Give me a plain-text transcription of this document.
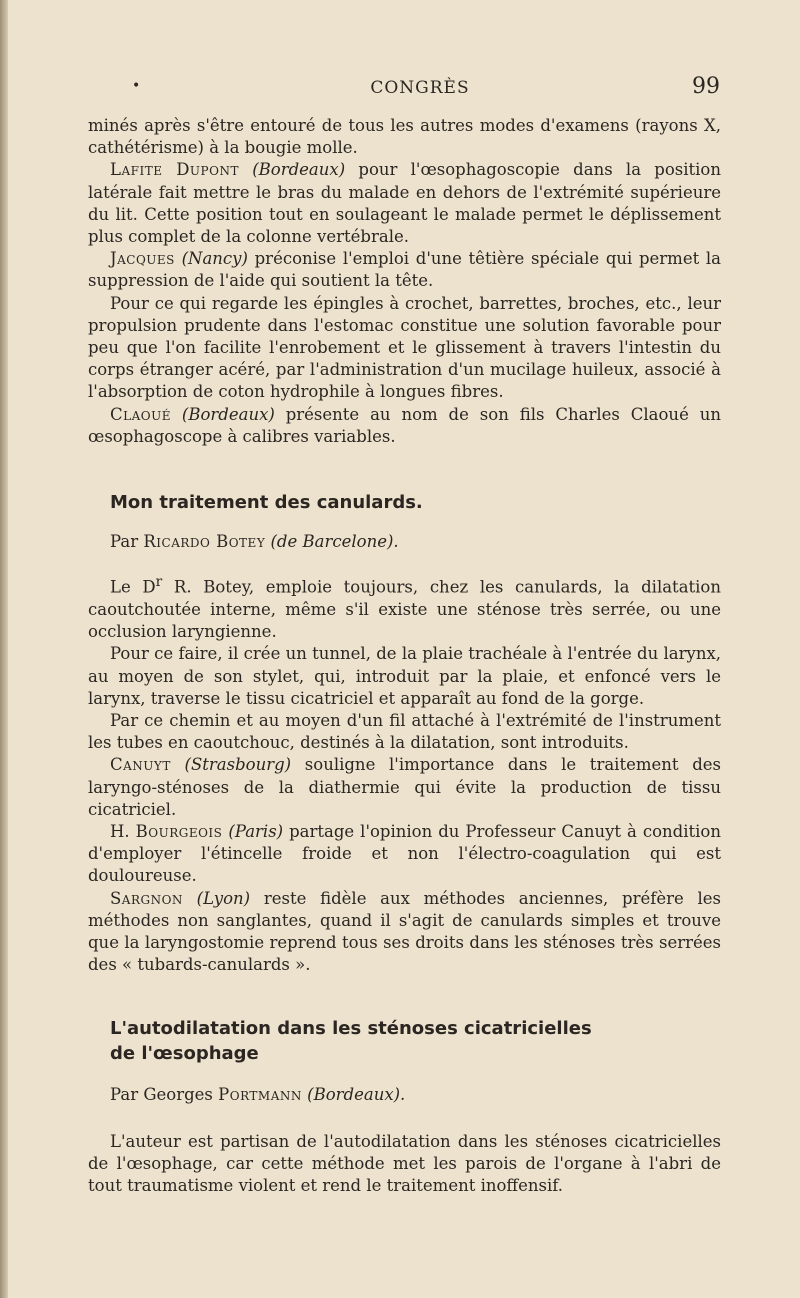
•	CONGRÈS	99

minés après s'être entouré de tous les autres modes d'examens (rayons X, cathétérisme) à la bougie molle.

Lafite Dupont (Bordeaux) pour l'œsophagoscopie dans la position latérale fait mettre le bras du malade en dehors de l'extrémité supérieure du lit. Cette position tout en soulageant le malade permet le déplissement plus complet de la colonne vertébrale.

Jacques (Nancy) préconise l'emploi d'une têtière spéciale qui permet la suppression de l'aide qui soutient la tête.

Pour ce qui regarde les épingles à crochet, barrettes, broches, etc., leur propulsion prudente dans l'estomac constitue une solution favorable pour peu que l'on facilite l'enrobement et le glissement à travers l'intestin du corps étranger acéré, par l'administration d'un mucilage huileux, associé à l'absorption de coton hydrophile à longues fibres.

Claoué (Bordeaux) présente au nom de son fils Charles Claoué un œsophagoscope à calibres variables.

Mon traitement des canulards.

Par Ricardo Botey (de Barcelone).

Le $D^r$ R. Botey, emploie toujours, chez les canulards, la dilatation caoutchoutée interne, même s'il existe une sténose très serrée, ou une occlusion laryngienne.

Pour ce faire, il crée un tunnel, de la plaie trachéale à l'entrée du larynx, au moyen de son stylet, qui, introduit par la plaie, et enfoncé vers le larynx, traverse le tissu cicatriciel et apparaît au fond de la gorge.

Par ce chemin et au moyen d'un fil attaché à l'extrémité de l'instrument les tubes en caoutchouc, destinés à la dilatation, sont introduits.

Canuyt (Strasbourg) souligne l'importance dans le traitement des laryngo-sténoses de la diathermie qui évite la production de tissu cicatriciel.

H. Bourgeois (Paris) partage l'opinion du Professeur Canuyt à condition d'employer l'étincelle froide et non l'électro-coagulation qui est douloureuse.

Sargnon (Lyon) reste fidèle aux méthodes anciennes, préfère les méthodes non sanglantes, quand il s'agit de canulards simples et trouve que la laryngostomie reprend tous ses droits dans les sténoses très serrées des « tubards-canulards ».

L'autodilatation dans les sténoses cicatricielles

de l'œsophage

Par Georges Portmann (Bordeaux).

L'auteur est partisan de l'autodilatation dans les sténoses cicatricielles de l'œsophage, car cette méthode met les parois de l'organe à l'abri de tout traumatisme violent et rend le traitement inoffensif.
